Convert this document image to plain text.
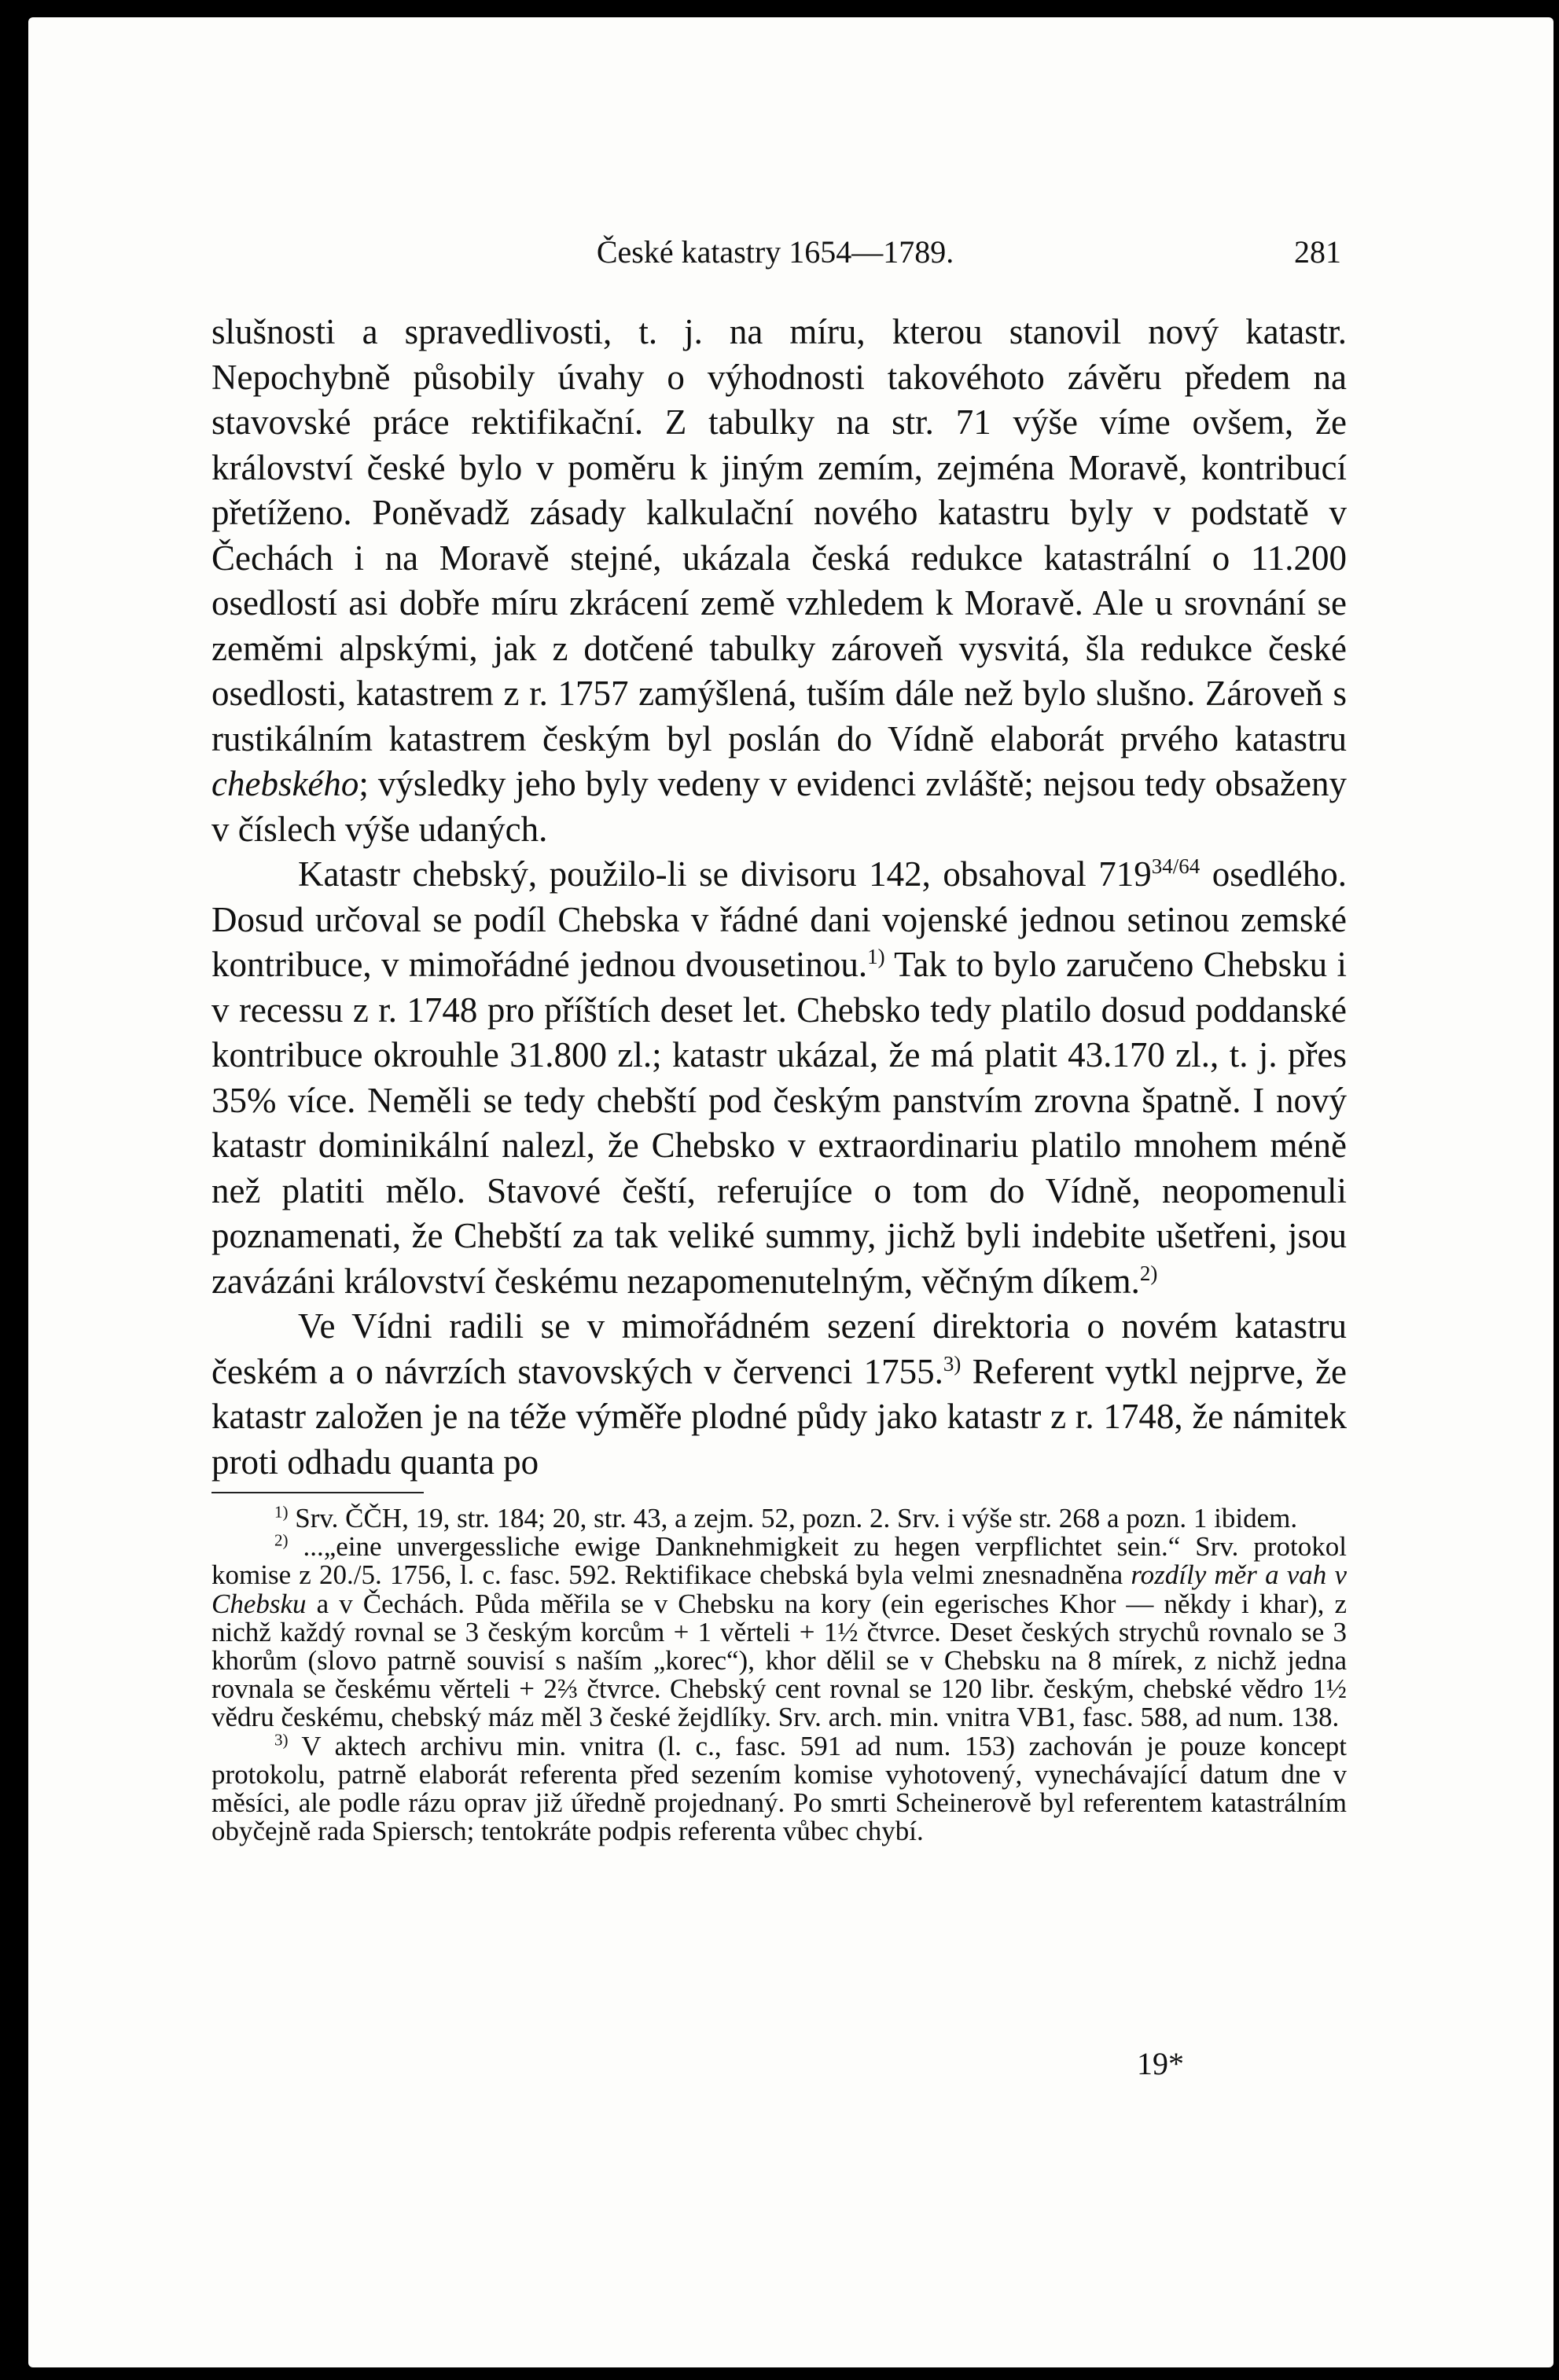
České katastry 1654—1789.	281

slušnosti a spravedlivosti, t. j. na míru, kterou stanovil nový katastr. Nepochybně působily úvahy o výhodnosti takovéhoto závěru předem na stavovské práce rektifikační. Z tabulky na str. 71 výše víme ovšem, že království české bylo v poměru k jiným zemím, zejména Moravě, kontribucí přetíženo. Poněvadž zásady kalkulační nového katastru byly v podstatě v Čechách i na Moravě stejné, ukázala česká redukce katastrální o 11.200 osedlostí asi dobře míru zkrácení země vzhledem k Moravě. Ale u srovnání se zeměmi alpskými, jak z dotčené tabulky zároveň vysvitá, šla redukce české osedlosti, katastrem z r. 1757 zamýšlená, tuším dále než bylo slušno. Zároveň s rustikálním katastrem českým byl poslán do Vídně elaborát prvého katastru chebského; výsledky jeho byly vedeny v evidenci zvláště; nejsou tedy obsaženy v číslech výše udaných.

Katastr chebský, použilo-li se divisoru 142, obsahoval $719^{34/64}$ osedlého. Dosud určoval se podíl Chebska v řádné dani vojenské jednou setinou zemské kontribuce, v mimořádné jednou dvousetinou.$^{1)}$ Tak to bylo zaručeno Chebsku i v recessu z r. 1748 pro příštích deset let. Chebsko tedy platilo dosud poddanské kontribuce okrouhle 31.800 zl.; katastr ukázal, že má platit 43.170 zl., t. j. přes 35% více. Neměli se tedy chebští pod českým panstvím zrovna špatně. I nový katastr dominikální nalezl, že Chebsko v extraordinariu platilo mnohem méně než platiti mělo. Stavové čeští, referujíce o tom do Vídně, neopomenuli poznamenati, že Chebští za tak veliké summy, jichž byli indebite ušetřeni, jsou zavázáni království českému nezapomenutelným, věčným díkem.$^{2)}$

Ve Vídni radili se v mimořádném sezení direktoria o novém katastru českém a o návrzích stavovských v červenci 1755.$^{3)}$ Referent vytkl nejprve, že katastr založen je na téže výměře plodné půdy jako katastr z r. 1748, že námitek proti odhadu quanta po

$^{1)}$ Srv. ČČH, 19, str. 184; 20, str. 43, a zejm. 52, pozn. 2. Srv. i výše str. 268 a pozn. 1 ibidem.

$^{2)}$ ...„eine unvergessliche ewige Danknehmigkeit zu hegen verpflichtet sein.“ Srv. protokol komise z 20./5. 1756, l. c. fasc. 592. Rektifikace chebská byla velmi znesnadněna rozdíly měr a vah v Chebsku a v Čechách. Půda měřila se v Chebsku na kory (ein egerisches Khor — někdy i khar), z nichž každý rovnal se 3 českým korcům + 1 věrteli + 1½ čtvrce. Deset českých strychů rovnalo se 3 khorům (slovo patrně souvisí s naším „korec“), khor dělil se v Chebsku na 8 mírek, z nichž jedna rovnala se českému věrteli + 2⅔ čtvrce. Chebský cent rovnal se 120 libr. českým, chebské vědro 1½ vědru českému, chebský máz měl 3 české žejdlíky. Srv. arch. min. vnitra VB1, fasc. 588, ad num. 138.

$^{3)}$ V aktech archivu min. vnitra (l. c., fasc. 591 ad num. 153) zachován je pouze koncept protokolu, patrně elaborát referenta před sezením komise vyhotovený, vynechávající datum dne v měsíci, ale podle rázu oprav již úředně projednaný. Po smrti Scheinerově byl referentem katastrálním obyčejně rada Spiersch; tentokráte podpis referenta vůbec chybí.

19*
